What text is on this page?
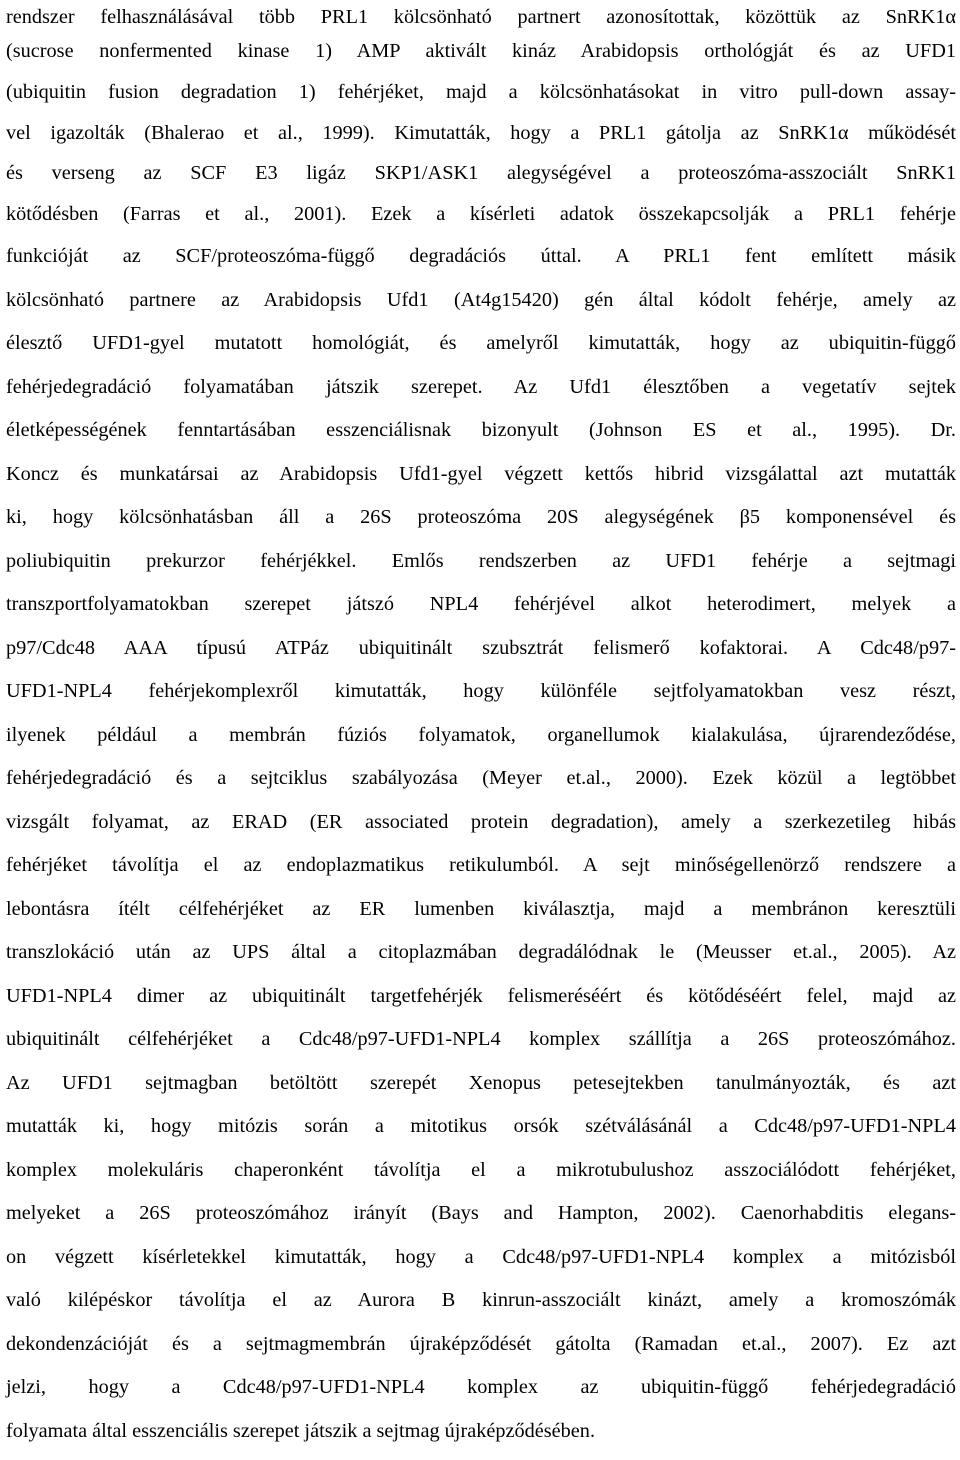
rendszer felhasználásával több PRL1 kölcsönható partnert azonosítottak, közöttük az SnRK1α
(sucrose nonfermented kinase 1) AMP aktivált kináz Arabidopsis orthológját és az UFD1
(ubiquitin fusion degradation 1) fehérjéket, majd a kölcsönhatásokat in vitro pull-down assay-
vel igazolták (Bhalerao et al., 1999). Kimutatták, hogy a PRL1 gátolja az SnRK1α működését
és verseng az SCF E3 ligáz SKP1/ASK1 alegységével a proteoszóma-asszociált SnRK1
kötődésben (Farras et al., 2001). Ezek a kísérleti adatok összekapcsolják a PRL1 fehérje
funkcióját az SCF/proteoszóma-függő degradációs úttal. A PRL1 fent említett másik
kölcsönható partnere az Arabidopsis Ufd1 (At4g15420) gén által kódolt fehérje, amely az
élesztő UFD1-gyel mutatott homológiát, és amelyről kimutatták, hogy az ubiquitin-függő
fehérjedegradáció folyamatában játszik szerepet. Az Ufd1 élesztőben a vegetatív sejtek
életképességének fenntartásában esszenciálisnak bizonyult (Johnson ES et al., 1995). Dr.
Koncz és munkatársai az Arabidopsis Ufd1-gyel végzett kettős hibrid vizsgálattal azt mutatták
ki, hogy kölcsönhatásban áll a 26S proteoszóma 20S alegységének β5 komponensével és
poliubiquitin prekurzor fehérjékkel. Emlős rendszerben az UFD1 fehérje a sejtmagi
transzportfolyamatokban szerepet játszó NPL4 fehérjével alkot heterodimert, melyek a
p97/Cdc48 AAA típusú ATPáz ubiquitinált szubsztrát felismerő kofaktorai. A Cdc48/p97-
UFD1-NPL4 fehérjekomplexről kimutatták, hogy különféle sejtfolyamatokban vesz részt,
ilyenek például a membrán fúziós folyamatok, organellumok kialakulása, újrarendeződése,
fehérjedegradáció és a sejtciklus szabályozása (Meyer et.al., 2000). Ezek közül a legtöbbet
vizsgált folyamat, az ERAD (ER associated protein degradation), amely a szerkezetileg hibás
fehérjéket távolítja el az endoplazmatikus retikulumból. A sejt minőségellenörző rendszere a
lebontásra ítélt célfehérjéket az ER lumenben kiválasztja, majd a membránon keresztüli
transzlokáció után az UPS által a citoplazmában degradálódnak le (Meusser et.al., 2005). Az
UFD1-NPL4 dimer az ubiquitinált targetfehérjék felismeréséért és kötődéséért felel, majd az
ubiquitinált célfehérjéket a Cdc48/p97-UFD1-NPL4 komplex szállítja a 26S proteoszómához.
Az UFD1 sejtmagban betöltött szerepét Xenopus petesejtekben tanulmányozták, és azt
mutatták ki, hogy mitózis során a mitotikus orsók szétválásánál a Cdc48/p97-UFD1-NPL4
komplex molekuláris chaperonként távolítja el a mikrotubulushoz asszociálódott fehérjéket,
melyeket a 26S proteoszómához irányít (Bays and Hampton, 2002). Caenorhabditis elegans-
on végzett kísérletekkel kimutatták, hogy a Cdc48/p97-UFD1-NPL4 komplex a mitózisból
való kilépéskor távolítja el az Aurora B kinrun-asszociált kinázt, amely a kromoszómák
dekondenzációját és a sejtmagmembrán újraképződését gátolta (Ramadan et.al., 2007). Ez azt
jelzi, hogy a Cdc48/p97-UFD1-NPL4 komplex az ubiquitin-függő fehérjedegradáció
folyamata által esszenciális szerepet játszik a sejtmag újraképződésében.
